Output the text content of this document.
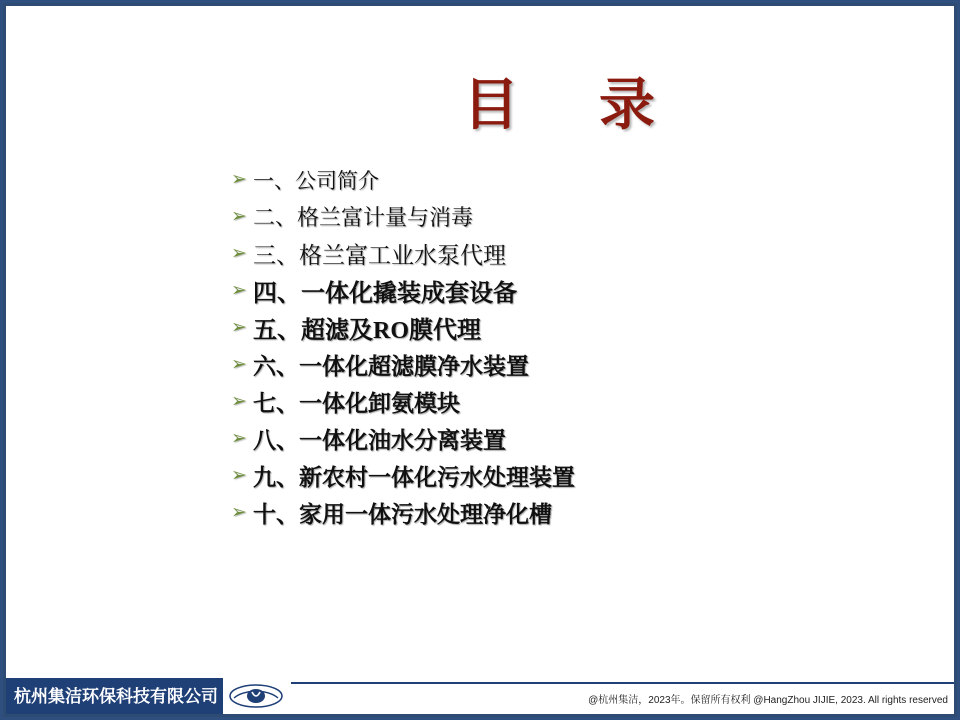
目 录
➢ 一、公司简介
➢ 二、格兰富计量与消毒
➢ 三、格兰富工业水泵代理
➢ 四、一体化撬装成套设备
➢ 五、超滤及RO膜代理
➢ 六、一体化超滤膜净水装置
➢ 七、一体化卸氨模块
➢ 八、一体化油水分离装置
➢ 九、新农村一体化污水处理装置
➢ 十、家用一体污水处理净化槽
杭州集洁环保科技有限公司	@杭州集洁，2023年。保留所有权利 @HangZhou JIJIE, 2023. All rights reserved
